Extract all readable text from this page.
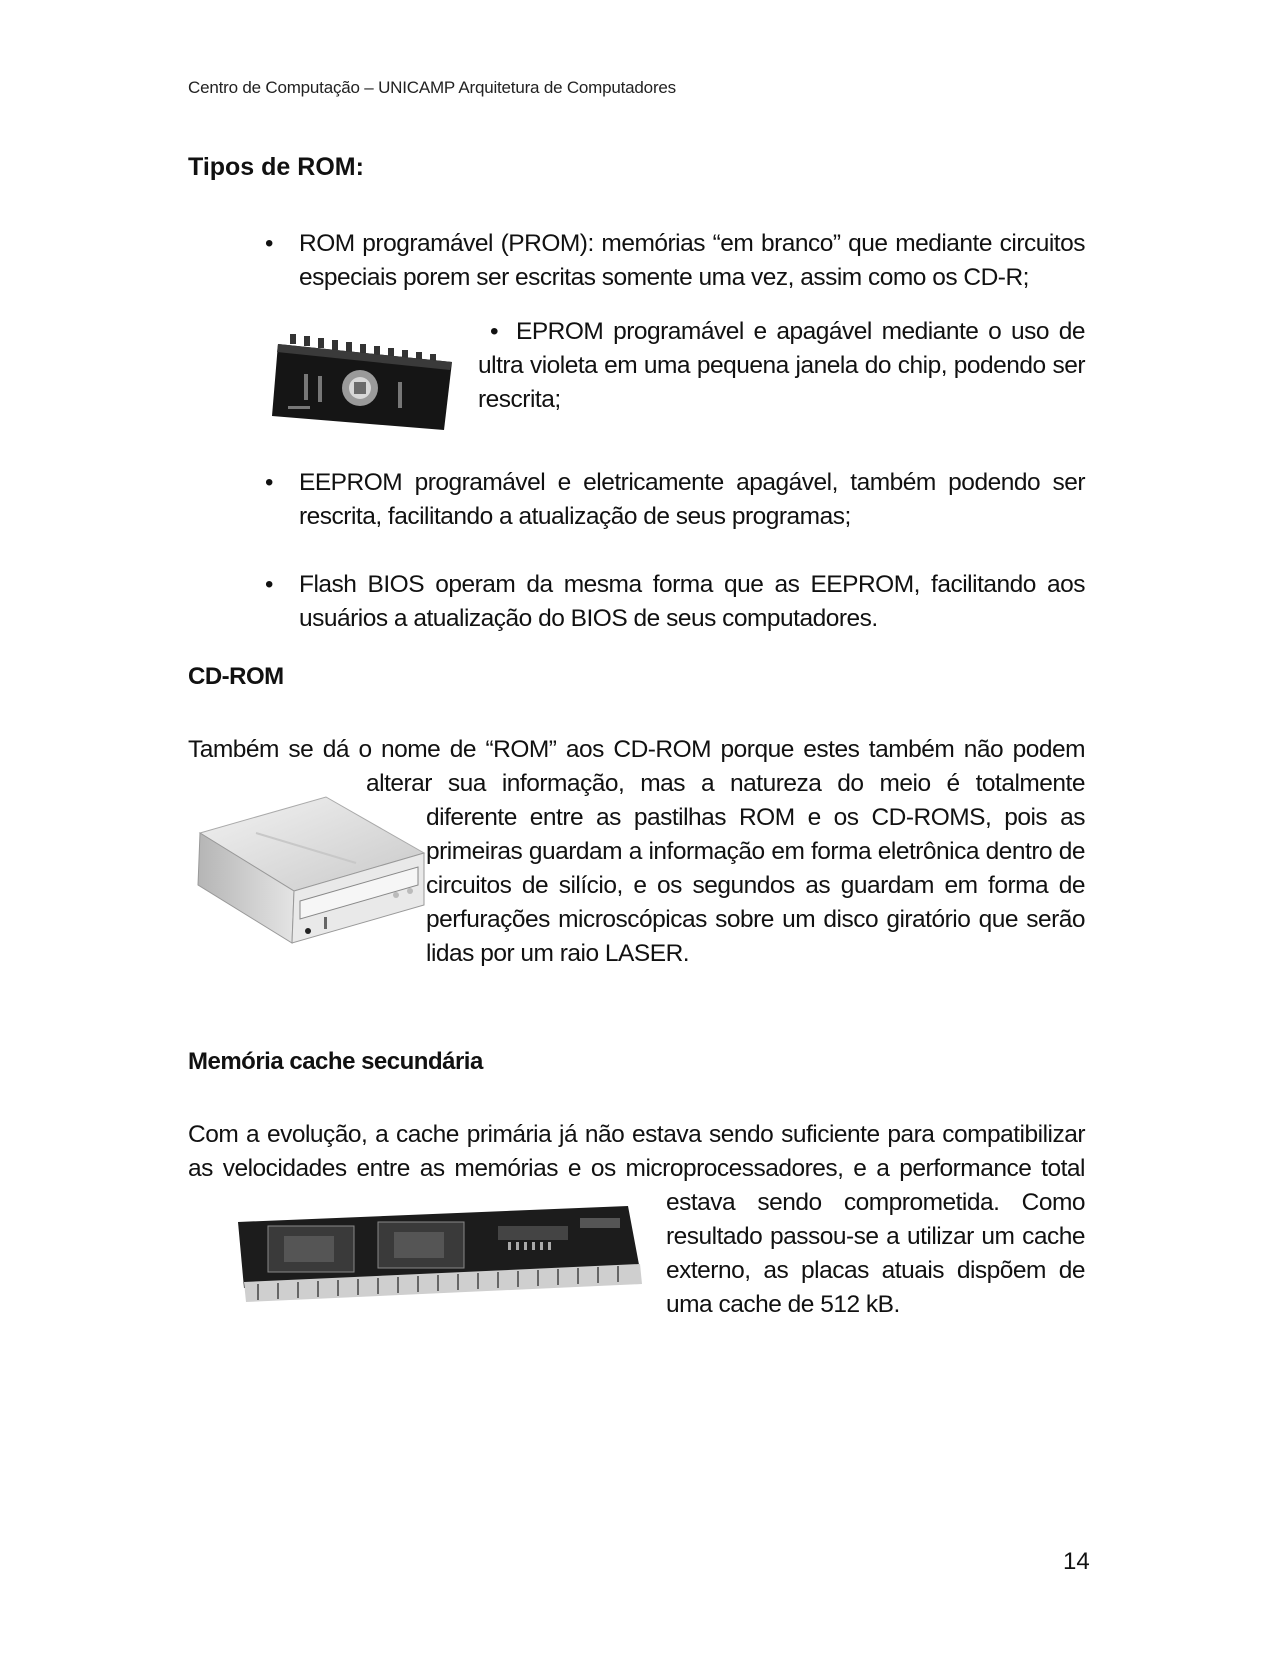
Centro de Computação – UNICAMP Arquitetura de Computadores
Tipos de ROM:
• ROM programável (PROM): memórias “em branco” que mediante circuitos especiais porem ser escritas somente uma vez, assim como os CD-R;
• EPROM programável e apagável mediante o uso de ultra violeta em uma pequena janela do chip, podendo ser rescrita;
• EEPROM programável e eletricamente apagável, também podendo ser rescrita, facilitando a atualização de seus programas;
• Flash BIOS operam da mesma forma que as EEPROM, facilitando aos usuários a atualização do BIOS de seus computadores.
CD-ROM
Também se dá o nome de “ROM” aos CD-ROM porque estes também não podem alterar sua informação, mas a natureza do meio é totalmente diferente entre as pastilhas ROM e os CD-ROMS, pois as primeiras guardam a informação em forma eletrônica dentro de circuitos de silício, e os segundos as guardam em forma de perfurações microscópicas sobre um disco giratório que serão lidas por um raio LASER.
Memória cache secundária
Com a evolução, a cache primária já não estava sendo suficiente para compatibilizar as velocidades entre as memórias e os microprocessadores, e a performance total estava sendo comprometida. Como resultado passou-se a utilizar um cache externo, as placas atuais dispõem de uma cache de 512 kB.
14
